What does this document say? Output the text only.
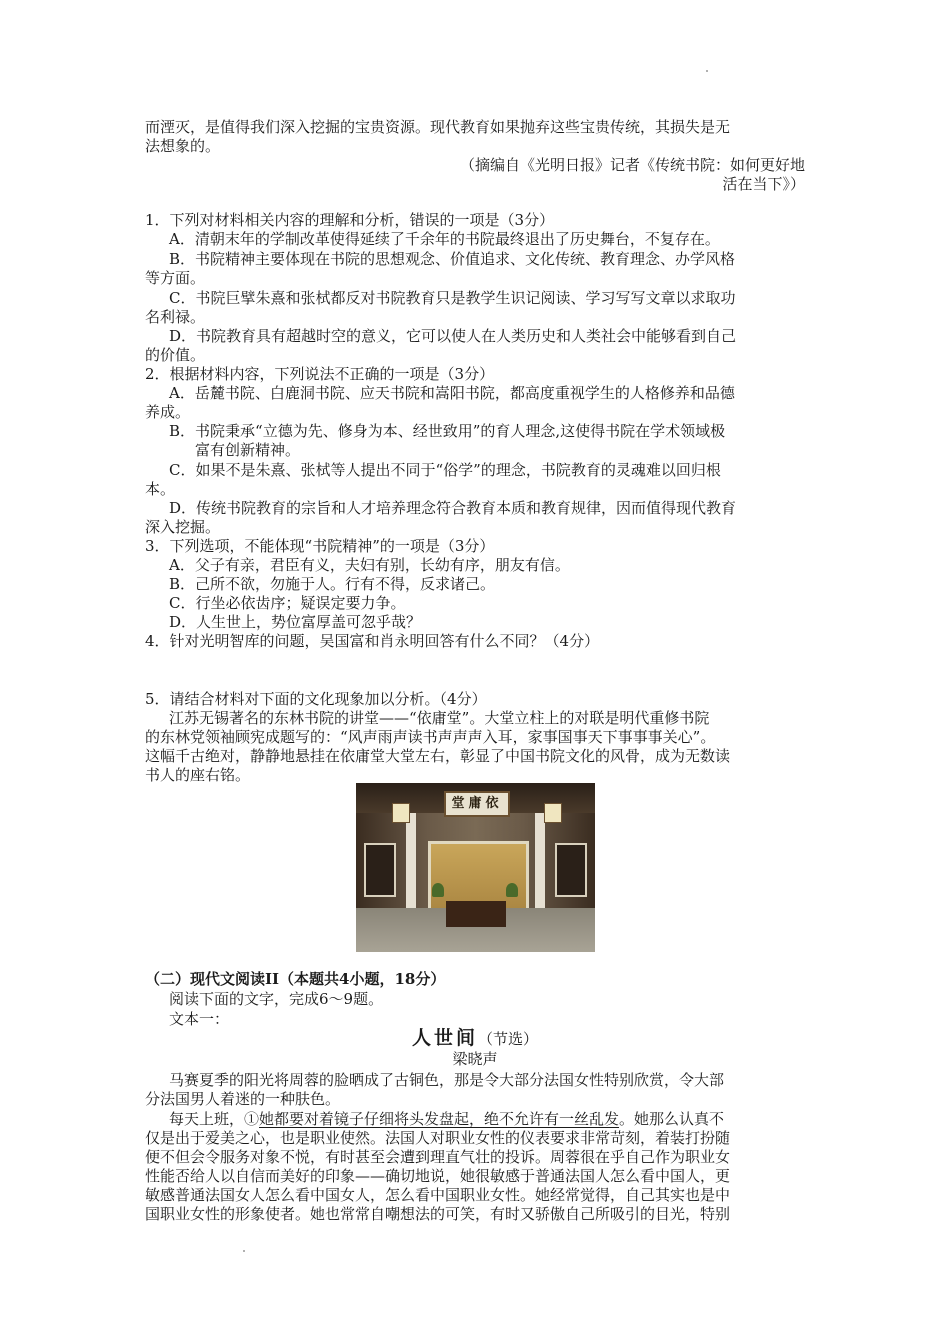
而湮灭，是值得我们深入挖掘的宝贵资源。现代教育如果抛弃这些宝贵传统，其损失是无
法想象的。
（摘编自《光明日报》记者《传统书院：如何更好地
活在当下》）
1．下列对材料相关内容的理解和分析，错误的一项是（3分）
A．清朝末年的学制改革使得延续了千余年的书院最终退出了历史舞台，不复存在。
B．书院精神主要体现在书院的思想观念、价值追求、文化传统、教育理念、办学风格
等方面。
C．书院巨擘朱熹和张栻都反对书院教育只是教学生识记阅读、学习写写文章以求取功
名利禄。
D．书院教育具有超越时空的意义，它可以使人在人类历史和人类社会中能够看到自己
的价值。
2．根据材料内容，下列说法不正确的一项是（3分）
A．岳麓书院、白鹿洞书院、应天书院和嵩阳书院，都高度重视学生的人格修养和品德
养成。
B．书院秉承“立德为先、修身为本、经世致用”的育人理念,这使得书院在学术领域极
富有创新精神。
C．如果不是朱熹、张栻等人提出不同于“俗学”的理念，书院教育的灵魂难以回归根
本。
D．传统书院教育的宗旨和人才培养理念符合教育本质和教育规律，因而值得现代教育
深入挖掘。
3．下列选项，不能体现“书院精神”的一项是（3分）
A．父子有亲，君臣有义，夫妇有别，长幼有序，朋友有信。
B．己所不欲，勿施于人。行有不得，反求诸己。
C．行坐必依齿序；疑误定要力争。
D．人生世上，势位富厚盖可忽乎哉？
4．针对光明智库的问题，吴国富和肖永明回答有什么不同？（4分）
5．请结合材料对下面的文化现象加以分析。（4分）
江苏无锡著名的东林书院的讲堂——“依庸堂”。大堂立柱上的对联是明代重修书院
的东林党领袖顾宪成题写的：“风声雨声读书声声声入耳，家事国事天下事事事关心”。
这幅千古绝对，静静地悬挂在依庸堂大堂左右，彰显了中国书院文化的风骨，成为无数读
书人的座右铭。
堂庸依
（二）现代文阅读II（本题共4小题，18分）
阅读下面的文字，完成6～9题。
文本一：
人世间（节选）
梁晓声
马赛夏季的阳光将周蓉的脸晒成了古铜色，那是令大部分法国女性特别欣赏，令大部
分法国男人着迷的一种肤色。
每天上班，①她都要对着镜子仔细将头发盘起，绝不允许有一丝乱发。她那么认真不
仅是出于爱美之心，也是职业使然。法国人对职业女性的仪表要求非常苛刻，着装打扮随
便不但会令服务对象不悦，有时甚至会遭到理直气壮的投诉。周蓉很在乎自己作为职业女
性能否给人以自信而美好的印象——确切地说，她很敏感于普通法国人怎么看中国人，更
敏感普通法国女人怎么看中国女人，怎么看中国职业女性。她经常觉得，自己其实也是中
国职业女性的形象使者。她也常常自嘲想法的可笑，有时又骄傲自己所吸引的目光，特别
